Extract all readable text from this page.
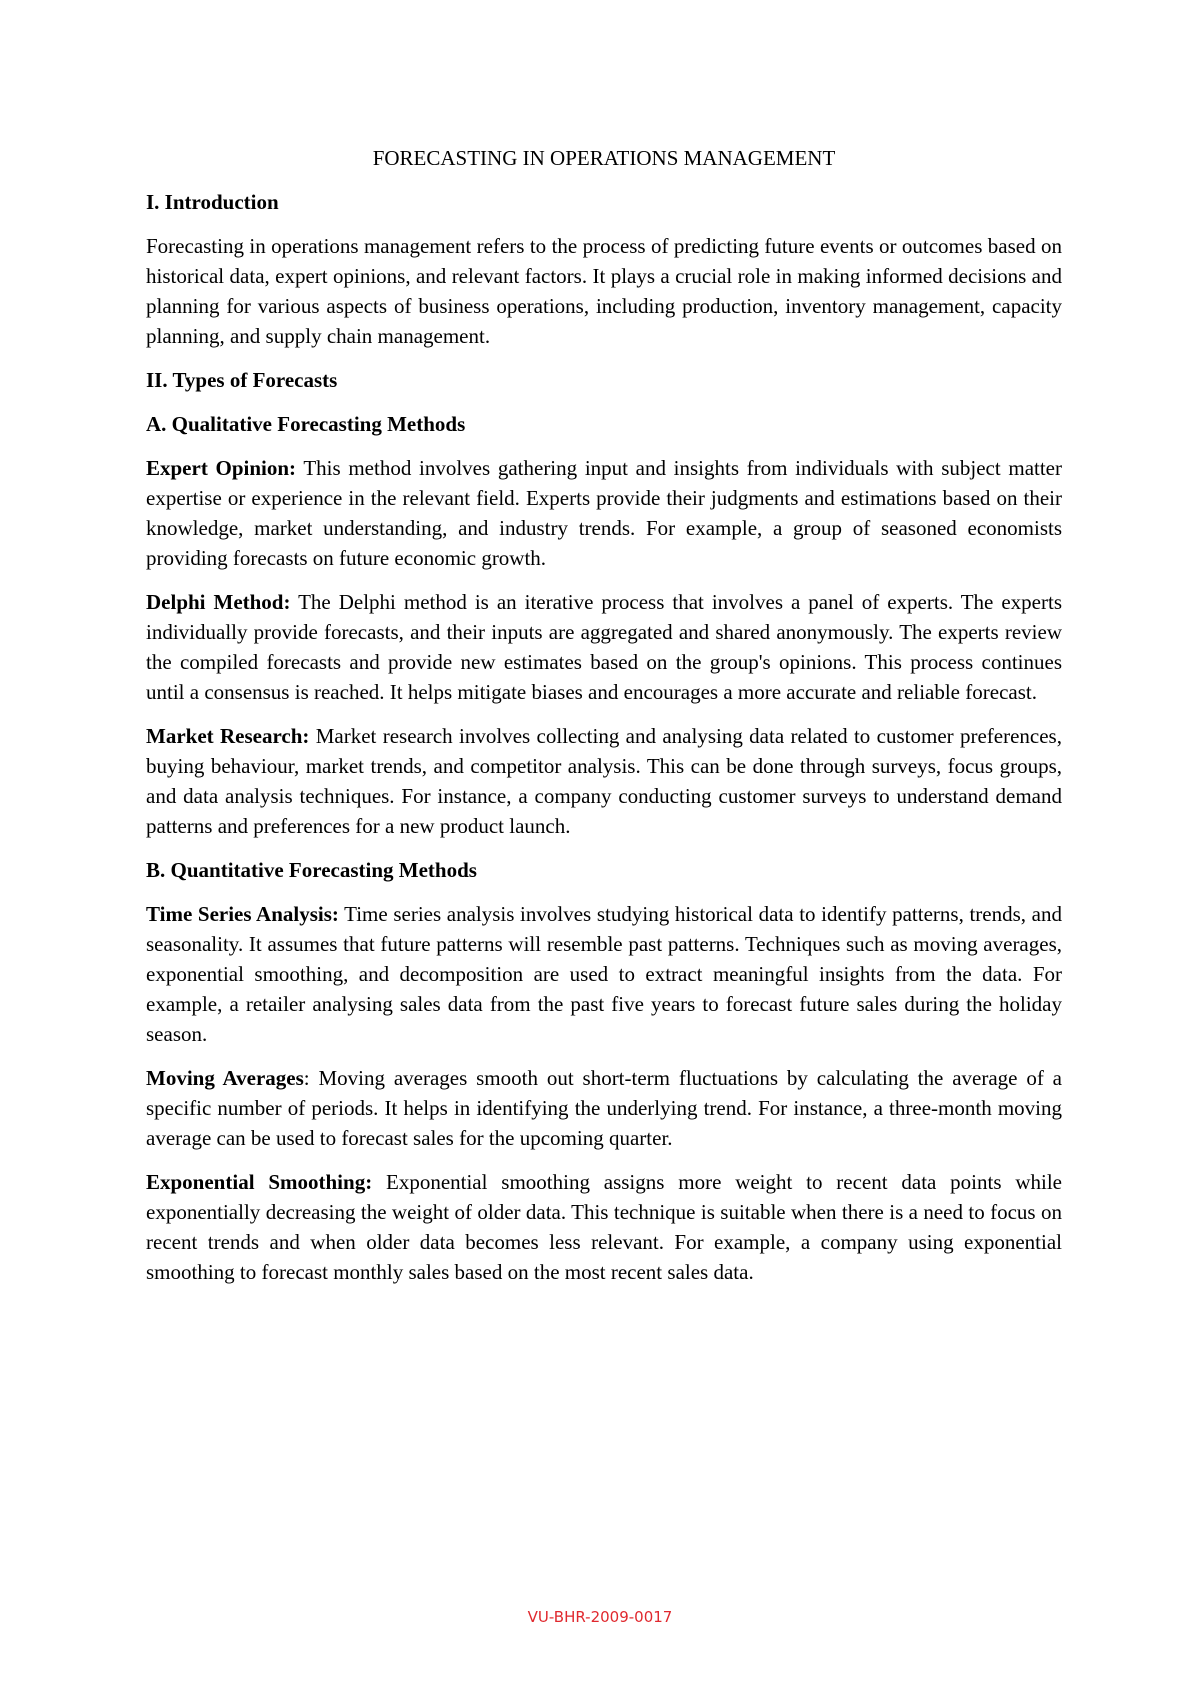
FORECASTING IN OPERATIONS MANAGEMENT
I. Introduction

Forecasting in operations management refers to the process of predicting future events or outcomes based on historical data, expert opinions, and relevant factors. It plays a crucial role in making informed decisions and planning for various aspects of business operations, including production, inventory management, capacity planning, and supply chain management.

II. Types of Forecasts
A. Qualitative Forecasting Methods

Expert Opinion: This method involves gathering input and insights from individuals with subject matter expertise or experience in the relevant field. Experts provide their judgments and estimations based on their knowledge, market understanding, and industry trends. For example, a group of seasoned economists providing forecasts on future economic growth.

Delphi Method: The Delphi method is an iterative process that involves a panel of experts. The experts individually provide forecasts, and their inputs are aggregated and shared anonymously. The experts review the compiled forecasts and provide new estimates based on the group's opinions. This process continues until a consensus is reached. It helps mitigate biases and encourages a more accurate and reliable forecast.

Market Research: Market research involves collecting and analysing data related to customer preferences, buying behaviour, market trends, and competitor analysis. This can be done through surveys, focus groups, and data analysis techniques. For instance, a company conducting customer surveys to understand demand patterns and preferences for a new product launch.

B. Quantitative Forecasting Methods

Time Series Analysis: Time series analysis involves studying historical data to identify patterns, trends, and seasonality. It assumes that future patterns will resemble past patterns. Techniques such as moving averages, exponential smoothing, and decomposition are used to extract meaningful insights from the data. For example, a retailer analysing sales data from the past five years to forecast future sales during the holiday season.

Moving Averages: Moving averages smooth out short-term fluctuations by calculating the average of a specific number of periods. It helps in identifying the underlying trend. For instance, a three-month moving average can be used to forecast sales for the upcoming quarter.

Exponential Smoothing: Exponential smoothing assigns more weight to recent data points while exponentially decreasing the weight of older data. This technique is suitable when there is a need to focus on recent trends and when older data becomes less relevant. For example, a company using exponential smoothing to forecast monthly sales based on the most recent sales data.

VU-BHR-2009-0017
